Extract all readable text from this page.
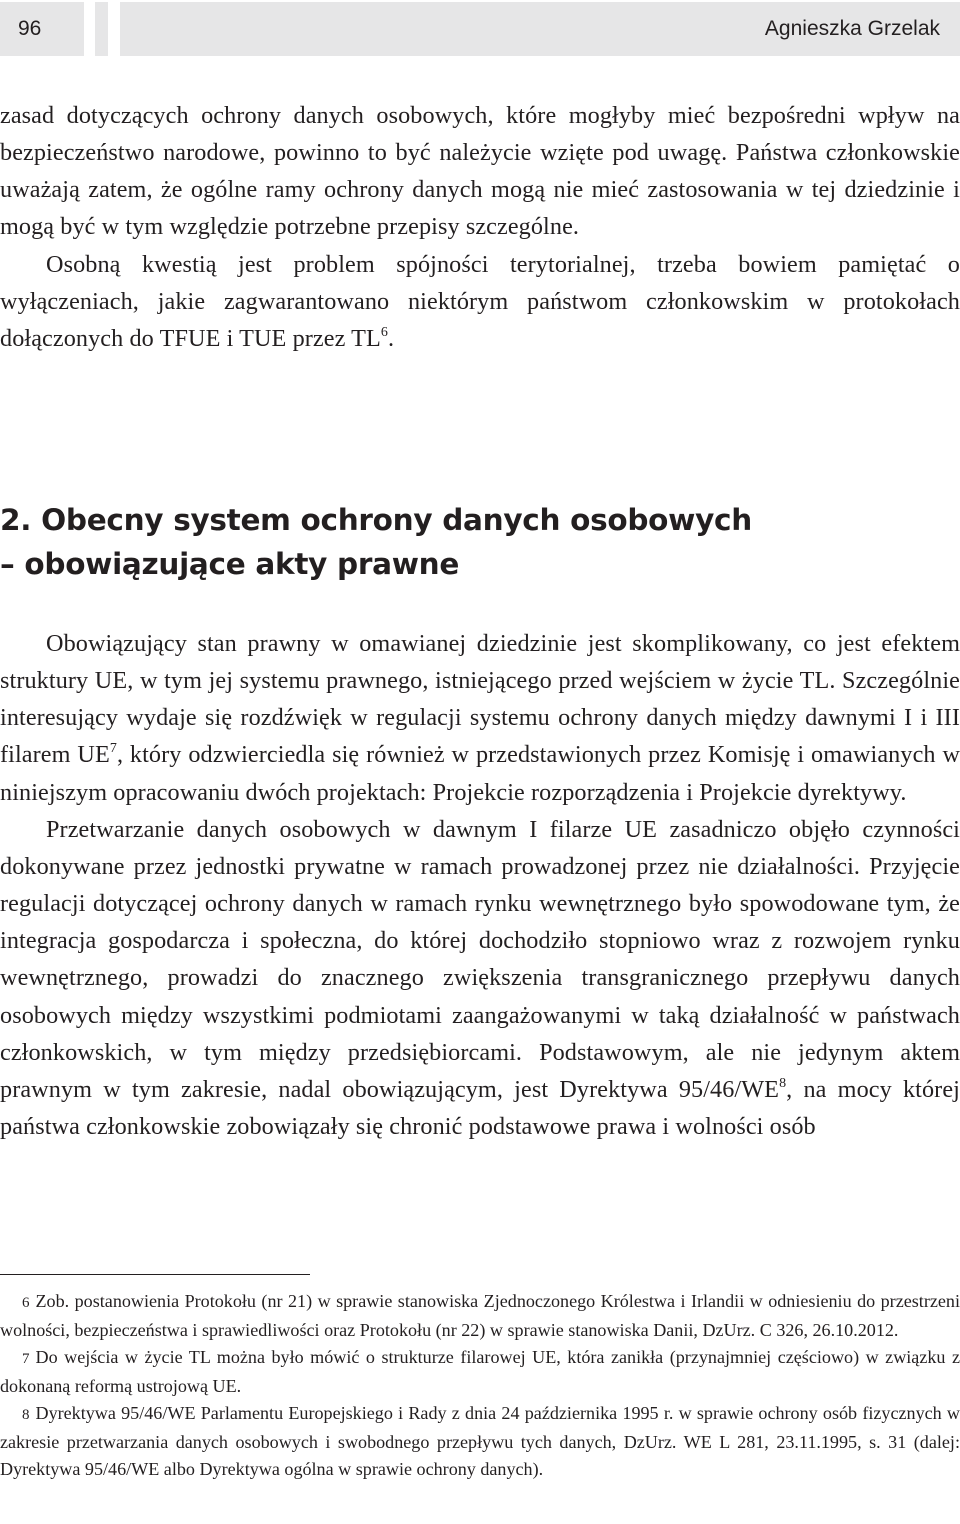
96	Agnieszka Grzelak

zasad dotyczących ochrony danych osobowych, które mogłyby mieć bezpośredni wpływ na bezpieczeństwo narodowe, powinno to być należycie wzięte pod uwagę. Państwa członkowskie uważają zatem, że ogólne ramy ochrony danych mogą nie mieć zastosowania w tej dziedzinie i mogą być w tym względzie potrzebne przepisy szczególne.

Osobną kwestią jest problem spójności terytorialnej, trzeba bowiem pamiętać o wyłączeniach, jakie zagwarantowano niektórym państwom członkowskim w protokołach dołączonych do TFUE i TUE przez $TL^6$.

2. Obecny system ochrony danych osobowych
– obowiązujące akty prawne

Obowiązujący stan prawny w omawianej dziedzinie jest skomplikowany, co jest efektem struktury UE, w tym jej systemu prawnego, istniejącego przed wejściem w życie TL. Szczególnie interesujący wydaje się rozdźwięk w regulacji systemu ochrony danych między dawnymi I i III filarem $UE^7$, który odzwierciedla się również w przedstawionych przez Komisję i omawianych w niniejszym opracowaniu dwóch projektach: Projekcie rozporządzenia i Projekcie dyrektywy.

Przetwarzanie danych osobowych w dawnym I filarze UE zasadniczo objęło czynności dokonywane przez jednostki prywatne w ramach prowadzonej przez nie działalności. Przyjęcie regulacji dotyczącej ochrony danych w ramach rynku wewnętrznego było spowodowane tym, że integracja gospodarcza i społeczna, do której dochodziło stopniowo wraz z rozwojem rynku wewnętrznego, prowadzi do znacznego zwiększenia transgranicznego przepływu danych osobowych między wszystkimi podmiotami zaangażowanymi w taką działalność w państwach członkowskich, w tym między przedsiębiorcami. Podstawowym, ale nie jedynym aktem prawnym w tym zakresie, nadal obowiązującym, jest Dyrektywa $95/46/WE^8$, na mocy której państwa członkowskie zobowiązały się chronić podstawowe prawa i wolności osób

6 Zob. postanowienia Protokołu (nr 21) w sprawie stanowiska Zjednoczonego Królestwa i Irlandii w odniesieniu do przestrzeni wolności, bezpieczeństwa i sprawiedliwości oraz Protokołu (nr 22) w sprawie stanowiska Danii, DzUrz. C 326, 26.10.2012.

7 Do wejścia w życie TL można było mówić o strukturze filarowej UE, która zanikła (przynajmniej częściowo) w związku z dokonaną reformą ustrojową UE.

8 Dyrektywa 95/46/WE Parlamentu Europejskiego i Rady z dnia 24 października 1995 r. w sprawie ochrony osób fizycznych w zakresie przetwarzania danych osobowych i swobodnego przepływu tych danych, DzUrz. WE L 281, 23.11.1995, s. 31 (dalej: Dyrektywa 95/46/WE albo Dyrektywa ogólna w sprawie ochrony danych).
